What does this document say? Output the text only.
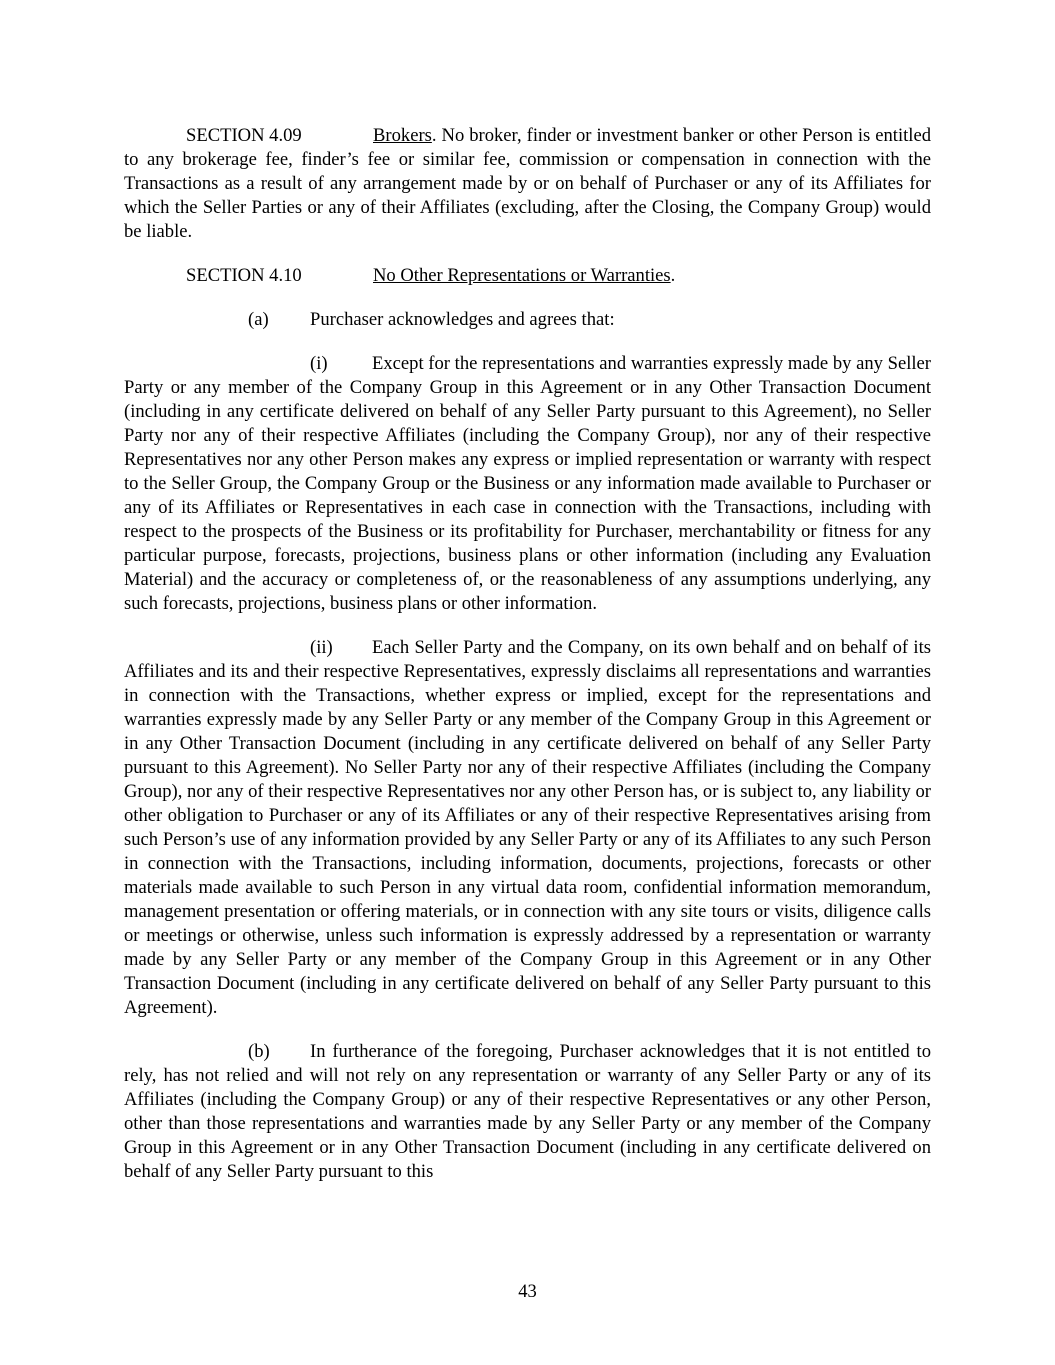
SECTION 4.09	Brokers. No broker, finder or investment banker or other Person is entitled to any brokerage fee, finder’s fee or similar fee, commission or compensation in connection with the Transactions as a result of any arrangement made by or on behalf of Purchaser or any of its Affiliates for which the Seller Parties or any of their Affiliates (excluding, after the Closing, the Company Group) would be liable.

SECTION 4.10	No Other Representations or Warranties.

(a) Purchaser acknowledges and agrees that:

(i) Except for the representations and warranties expressly made by any Seller Party or any member of the Company Group in this Agreement or in any Other Transaction Document (including in any certificate delivered on behalf of any Seller Party pursuant to this Agreement), no Seller Party nor any of their respective Affiliates (including the Company Group), nor any of their respective Representatives nor any other Person makes any express or implied representation or warranty with respect to the Seller Group, the Company Group or the Business or any information made available to Purchaser or any of its Affiliates or Representatives in each case in connection with the Transactions, including with respect to the prospects of the Business or its profitability for Purchaser, merchantability or fitness for any particular purpose, forecasts, projections, business plans or other information (including any Evaluation Material) and the accuracy or completeness of, or the reasonableness of any assumptions underlying, any such forecasts, projections, business plans or other information.

(ii) Each Seller Party and the Company, on its own behalf and on behalf of its Affiliates and its and their respective Representatives, expressly disclaims all representations and warranties in connection with the Transactions, whether express or implied, except for the representations and warranties expressly made by any Seller Party or any member of the Company Group in this Agreement or in any Other Transaction Document (including in any certificate delivered on behalf of any Seller Party pursuant to this Agreement). No Seller Party nor any of their respective Affiliates (including the Company Group), nor any of their respective Representatives nor any other Person has, or is subject to, any liability or other obligation to Purchaser or any of its Affiliates or any of their respective Representatives arising from such Person’s use of any information provided by any Seller Party or any of its Affiliates to any such Person in connection with the Transactions, including information, documents, projections, forecasts or other materials made available to such Person in any virtual data room, confidential information memorandum, management presentation or offering materials, or in connection with any site tours or visits, diligence calls or meetings or otherwise, unless such information is expressly addressed by a representation or warranty made by any Seller Party or any member of the Company Group in this Agreement or in any Other Transaction Document (including in any certificate delivered on behalf of any Seller Party pursuant to this Agreement).

(b) In furtherance of the foregoing, Purchaser acknowledges that it is not entitled to rely, has not relied and will not rely on any representation or warranty of any Seller Party or any of its Affiliates (including the Company Group) or any of their respective Representatives or any other Person, other than those representations and warranties made by any Seller Party or any member of the Company Group in this Agreement or in any Other Transaction Document (including in any certificate delivered on behalf of any Seller Party pursuant to this

43
